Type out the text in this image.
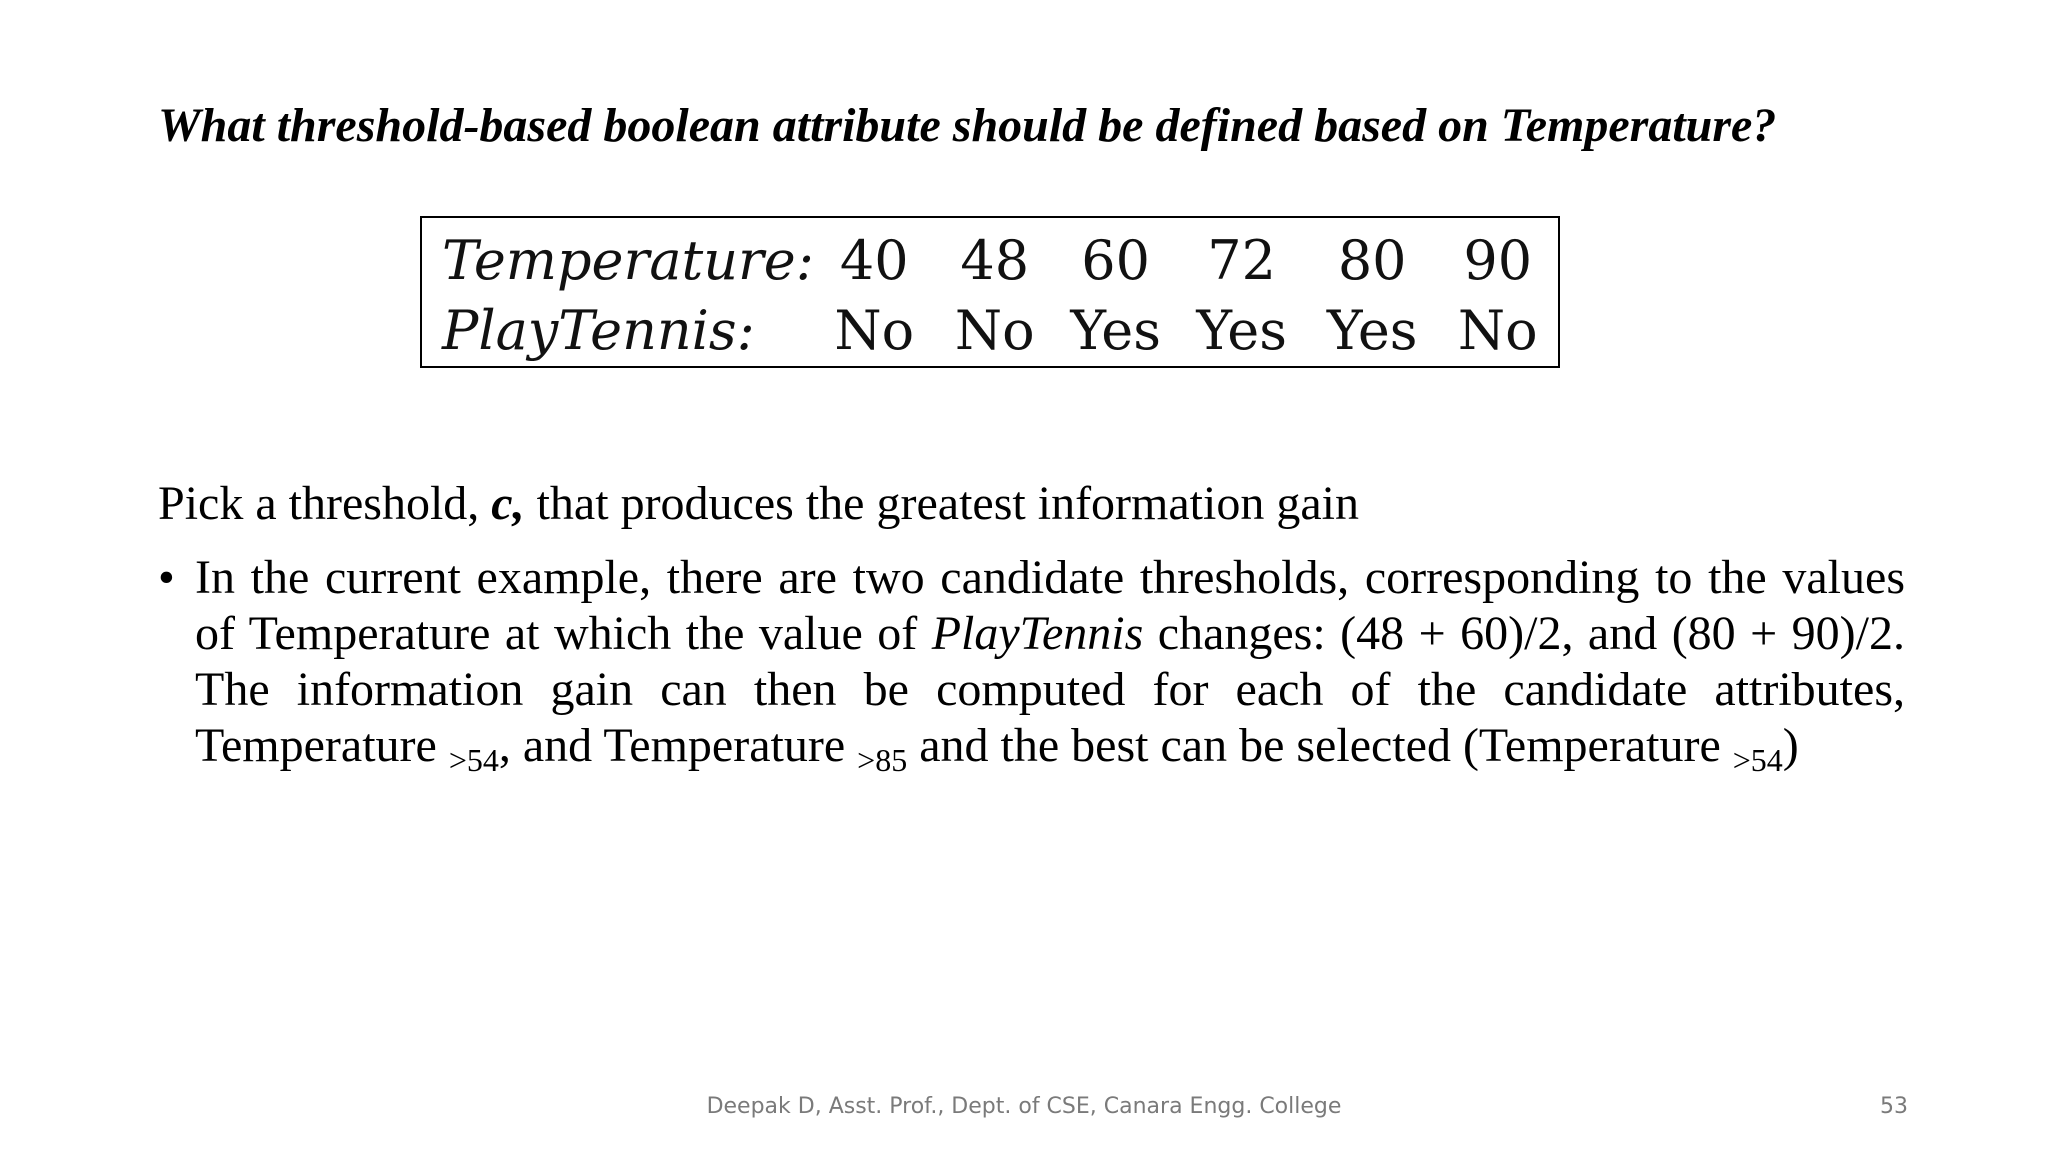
What threshold-based boolean attribute should be defined based on Temperature?
Temperature:	40	48	60	72	80	90
PlayTennis:	No	No	Yes	Yes	Yes	No
Pick a threshold, c, that produces the greatest information gain
• In the current example, there are two candidate thresholds, corresponding to the values of Temperature at which the value of PlayTennis changes: (48 + 60)/2, and (80 + 90)/2. The information gain can then be computed for each of the candidate attributes, Temperature $_{>54}$, and Temperature $_{>85}$ and the best can be selected (Temperature $_{>54}$)
Deepak D, Asst. Prof., Dept. of CSE, Canara Engg. College	53
